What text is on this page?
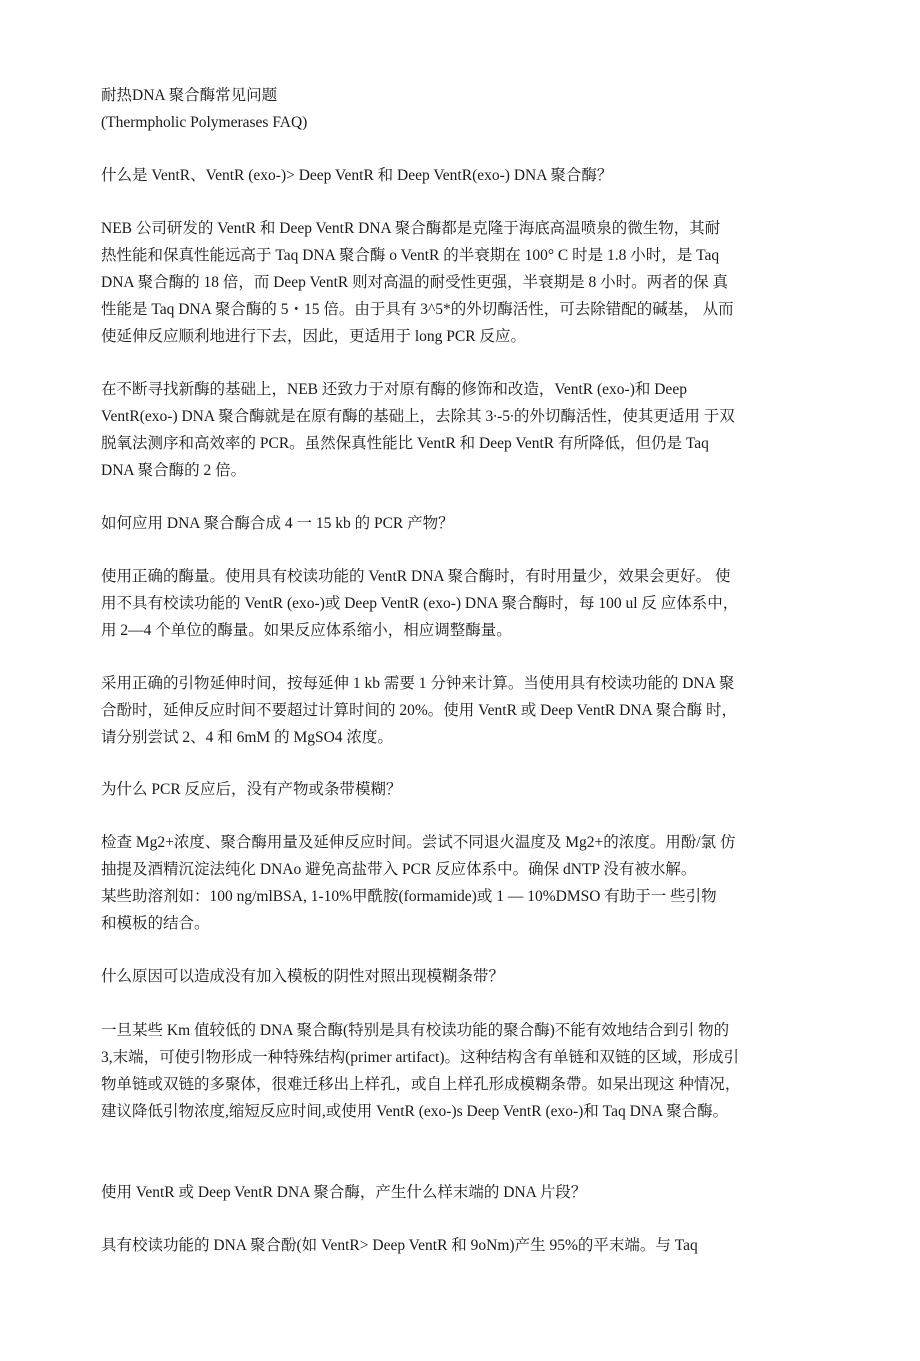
耐热DNA 聚合酶常见问题
(Thermpholic Polymerases FAQ)
什么是 VentR、VentR (exo-)> Deep VentR 和 Deep VentR(exo-) DNA 聚合酶？
NEB 公司研发的 VentR 和 Deep VentR DNA 聚合酶都是克隆于海底高温喷泉的微生物，其耐
热性能和保真性能远高于 Taq DNA 聚合酶 o VentR 的半衰期在 100° C 时是 1.8 小时，是 Taq
DNA 聚合酶的 18 倍，而 Deep VentR 则对高温的耐受性更强，半衰期是 8 小时。两者的保 真
性能是 Taq DNA 聚合酶的 5・15 倍。由于具有 3^5*的外切酶活性，可去除错配的碱基， 从而
使延伸反应顺利地进行下去，因此，更适用于 long PCR 反应。
在不断寻找新酶的基础上，NEB 还致力于对原有酶的修饰和改造，VentR (exo-)和 Deep
VentR(exo-) DNA 聚合酶就是在原有酶的基础上，去除其 3∙-5∙的外切酶活性，使其更适用 于双
脱氧法测序和高效率的 PCR。虽然保真性能比 VentR 和 Deep VentR 有所降低，但仍是 Taq
DNA 聚合酶的 2 倍。
如何应用 DNA 聚合酶合成 4 一 15 kb 的 PCR 产物？
使用正确的酶量。使用具有校读功能的 VentR DNA 聚合酶时，有时用量少，效果会更好。 使
用不具有校读功能的 VentR (exo-)或 Deep VentR (exo-) DNA 聚合酶时，每 100 ul 反 应体系中，
用 2—4 个单位的酶量。如果反应体系缩小，相应调整酶量。
采用正确的引物延伸时间，按每延伸 1 kb 需要 1 分钟来计算。当使用具有校读功能的 DNA 聚
合酚时，延伸反应时间不要超过计算时间的 20%。使用 VentR 或 Deep VentR DNA 聚合酶 时，
请分别尝试 2、4 和 6mM 的 MgSO4 浓度。
为什么 PCR 反应后，没有产物或条带模糊？
检查 Mg2+浓度、聚合酶用量及延伸反应时间。尝试不同退火温度及 Mg2+的浓度。用酚/氯 仿
抽提及酒精沉淀法纯化 DNAo 避免高盐带入 PCR 反应体系中。确保 dNTP 没有被水解。
某些助溶剂如：100 ng/mlBSA, 1-10%甲酰胺(formamide)或 1 — 10%DMSO 有助于一 些引物
和模板的结合。
什么原因可以造成没有加入模板的阴性对照出现模糊条带？
一旦某些 Km 值较低的 DNA 聚合酶(特别是具有校读功能的聚合酶)不能有效地结合到引 物的
3,末端，可使引物形成一种特殊结构(primer artifact)。这种结构含有单链和双链的区域，形成引
物单链或双链的多聚体，很难迁移出上样孔，或自上样孔形成模糊条帶。如杲出现这 种情况，
建议降低引物浓度,缩短反应时间,或使用 VentR (exo-)s Deep VentR (exo-)和 Taq DNA 聚合酶。
使用 VentR 或 Deep VentR DNA 聚合酶，产生什么样末端的 DNA 片段？
具有校读功能的 DNA 聚合酚(如 VentR> Deep VentR 和 9oNm)产生 95%的平末端。与 Taq
